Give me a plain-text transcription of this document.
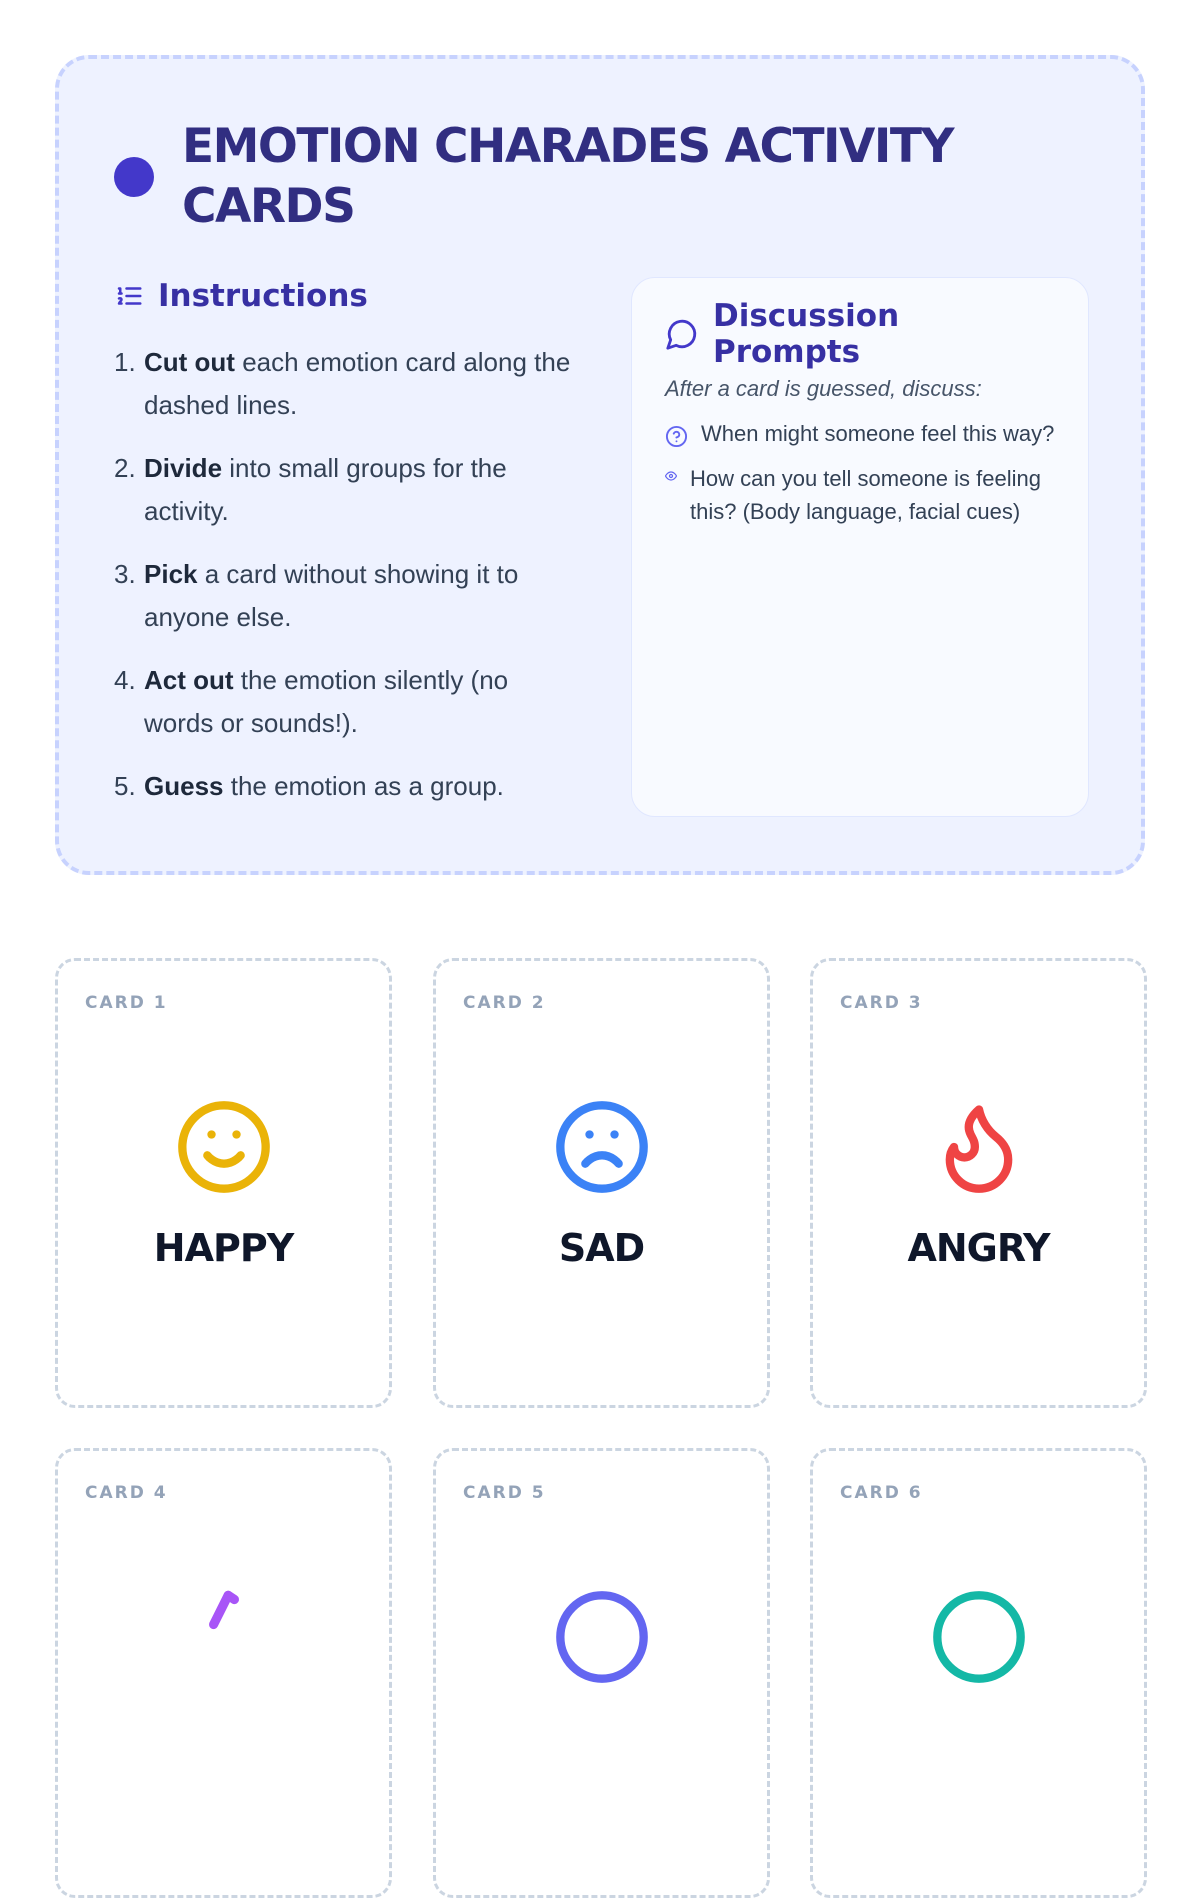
EMOTION CHARADES ACTIVITY CARDS
Instructions
1. Cut out each emotion card along the dashed lines.
2. Divide into small groups for the activity.
3. Pick a card without showing it to anyone else.
4. Act out the emotion silently (no words or sounds!).
5. Guess the emotion as a group.
Discussion Prompts

After a card is guessed, discuss:

When might someone feel this way?
How can you tell someone is feeling this? (Body language, facial cues)
CARD 1
HAPPY
CARD 2
SAD
CARD 3
ANGRY
CARD 4	CARD 5	CARD 6
